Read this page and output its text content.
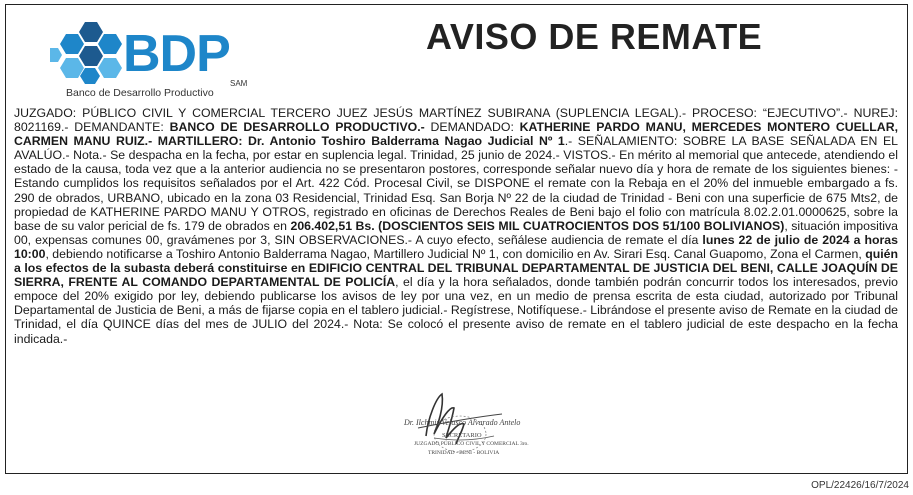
BDP
SAM
Banco de Desarrollo Productivo
AVISO DE REMATE
JUZGADO: PÚBLICO CIVIL Y COMERCIAL TERCERO JUEZ JESÚS MARTÍNEZ SUBIRANA (SUPLENCIA LEGAL).- PROCESO: “EJECUTIVO”.- NUREJ: 8021169.- DEMANDANTE: BANCO DE DESARROLLO PRODUCTIVO.- DEMANDADO: KATHERINE PARDO MANU, MERCEDES MONTERO CUELLAR, CARMEN MANU RUIZ.- MARTILLERO: Dr. Antonio Toshiro Balderrama Nagao Judicial Nº 1.- SEÑALAMIENTO: SOBRE LA BASE SEÑALADA EN EL AVALÚO.- Nota.- Se despacha en la fecha, por estar en suplencia legal. Trinidad, 25 junio de 2024.- VISTOS.- En mérito al memorial que antecede, atendiendo el estado de la causa, toda vez que a la anterior audiencia no se presentaron postores, corresponde señalar nuevo día y hora de remate de los siguientes bienes: - Estando cumplidos los requisitos señalados por el Art. 422 Cód. Procesal Civil, se DISPONE el remate con la Rebaja en el 20% del inmueble embargado a fs. 290 de obrados, URBANO, ubicado en la zona 03 Residencial, Trinidad Esq. San Borja Nº 22 de la ciudad de Trinidad - Beni con una superficie de 675 Mts2, de propiedad de KATHERINE PARDO MANU Y OTROS, registrado en oficinas de Derechos Reales de Beni bajo el folio con matrícula 8.02.2.01.0000625, sobre la base de su valor pericial de fs. 179 de obrados en 206.402,51 Bs. (DOSCIENTOS SEIS MIL CUATROCIENTOS DOS 51/100 BOLIVIANOS), situación impositiva 00, expensas comunes 00, gravámenes por 3, SIN OBSERVACIONES.- A cuyo efecto, señálese audiencia de remate el día lunes 22 de julio de 2024 a horas 10:00, debiendo notificarse a Toshiro Antonio Balderrama Nagao, Martillero Judicial Nº 1, con domicilio en Av. Sirari Esq. Canal Guapomo, Zona el Carmen, quién a los efectos de la subasta deberá constituirse en EDIFICIO CENTRAL DEL TRIBUNAL DEPARTAMENTAL DE JUSTICIA DEL BENI, CALLE JOAQUÍN DE SIERRA, FRENTE AL COMANDO DEPARTAMENTAL DE POLICÍA, el día y la hora señalados, donde también podrán concurrir todos los interesados, previo empoce del 20% exigido por ley, debiendo publicarse los avisos de ley por una vez, en un medio de prensa escrita de esta ciudad, autorizado por Tribunal Departamental de Justicia de Beni, a más de fijarse copia en el tablero judicial.- Regístrese, Notifíquese.- Librándose el presente aviso de Remate en la ciudad de Trinidad, el día QUINCE días del mes de JULIO del 2024.- Nota: Se colocó el presente aviso de remate en el tablero judicial de este despacho en la fecha indicada.-
Dr. Ilchmir Velasco Alvarado Antelo
SECRETARIO
JUZGADO PÚBLICO CIVIL Y COMERCIAL 3ro.
TRINIDAD - BENI - BOLIVIA
OPL/22426/16/7/2024
